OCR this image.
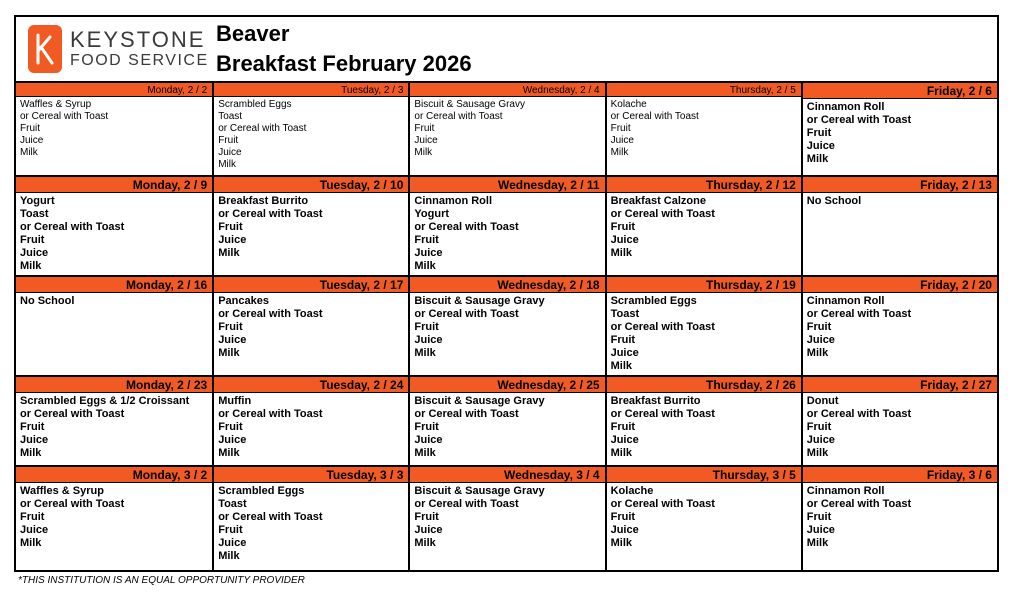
KEYSTONE
FOOD SERVICE
Beaver
Breakfast February 2026
Monday, 2 / 2
Waffles & Syrup
or Cereal with Toast
Fruit
Juice
Milk
Tuesday, 2 / 3
Scrambled Eggs
Toast
or Cereal with Toast
Fruit
Juice
Milk
Wednesday, 2 / 4
Biscuit & Sausage Gravy
or Cereal with Toast
Fruit
Juice
Milk
Thursday, 2 / 5
Kolache
or Cereal with Toast
Fruit
Juice
Milk
Friday, 2 / 6
Cinnamon Roll
or Cereal with Toast
Fruit
Juice
Milk
Monday, 2 / 9
Yogurt
Toast
or Cereal with Toast
Fruit
Juice
Milk
Tuesday, 2 / 10
Breakfast Burrito
or Cereal with Toast
Fruit
Juice
Milk
Wednesday, 2 / 11
Cinnamon Roll
Yogurt
or Cereal with Toast
Fruit
Juice
Milk
Thursday, 2 / 12
Breakfast Calzone
or Cereal with Toast
Fruit
Juice
Milk
Friday, 2 / 13
No School
Monday, 2 / 16
No School
Tuesday, 2 / 17
Pancakes
or Cereal with Toast
Fruit
Juice
Milk
Wednesday, 2 / 18
Biscuit & Sausage Gravy
or Cereal with Toast
Fruit
Juice
Milk
Thursday, 2 / 19
Scrambled Eggs
Toast
or Cereal with Toast
Fruit
Juice
Milk
Friday, 2 / 20
Cinnamon Roll
or Cereal with Toast
Fruit
Juice
Milk
Monday, 2 / 23
Scrambled Eggs & 1/2 Croissant
or Cereal with Toast
Fruit
Juice
Milk
Tuesday, 2 / 24
Muffin
or Cereal with Toast
Fruit
Juice
Milk
Wednesday, 2 / 25
Biscuit & Sausage Gravy
or Cereal with Toast
Fruit
Juice
Milk
Thursday, 2 / 26
Breakfast Burrito
or Cereal with Toast
Fruit
Juice
Milk
Friday, 2 / 27
Donut
or Cereal with Toast
Fruit
Juice
Milk
Monday, 3 / 2
Waffles & Syrup
or Cereal with Toast
Fruit
Juice
Milk
Tuesday, 3 / 3
Scrambled Eggs
Toast
or Cereal with Toast
Fruit
Juice
Milk
Wednesday, 3 / 4
Biscuit & Sausage Gravy
or Cereal with Toast
Fruit
Juice
Milk
Thursday, 3 / 5
Kolache
or Cereal with Toast
Fruit
Juice
Milk
Friday, 3 / 6
Cinnamon Roll
or Cereal with Toast
Fruit
Juice
Milk
*THIS INSTITUTION IS AN EQUAL OPPORTUNITY PROVIDER
